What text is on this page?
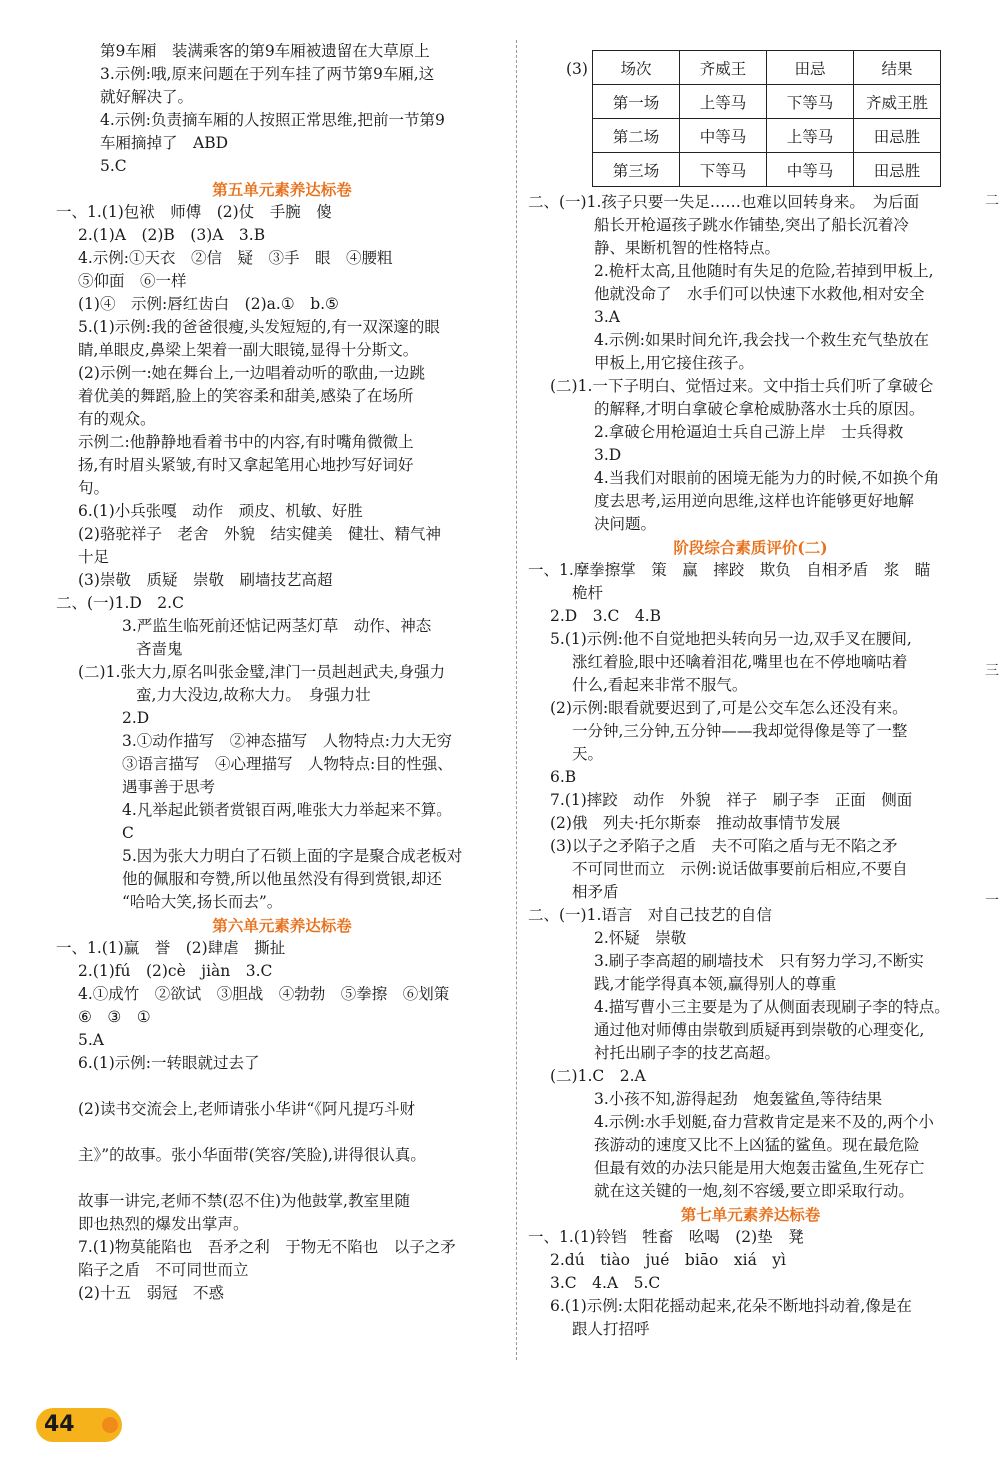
第9车厢　装满乘客的第9车厢被遗留在大草原上
3.示例:哦,原来问题在于列车挂了两节第9车厢,这
就好解决了。
4.示例:负责摘车厢的人按照正常思维,把前一节第9
车厢摘掉了　ABD
5.C
第五单元素养达标卷
一、1.(1)包袱　师傅　(2)仗　手腕　傻
2.(1)A　(2)B　(3)A　3.B
4.示例:①天衣　②信　疑　③手　眼　④腰粗
⑤仰面　⑥一样
(1)④　示例:唇红齿白　(2)a.①　b.⑤
5.(1)示例:我的爸爸很瘦,头发短短的,有一双深邃的眼
睛,单眼皮,鼻梁上架着一副大眼镜,显得十分斯文。
(2)示例一:她在舞台上,一边唱着动听的歌曲,一边跳
着优美的舞蹈,脸上的笑容柔和甜美,感染了在场所
有的观众。
示例二:他静静地看着书中的内容,有时嘴角微微上
扬,有时眉头紧皱,有时又拿起笔用心地抄写好词好
句。
6.(1)小兵张嘎　动作　顽皮、机敏、好胜
(2)骆驼祥子　老舍　外貌　结实健美　健壮、精气神
十足
(3)崇敬　质疑　崇敬　刷墙技艺高超
二、(一)1.D　2.C
3.严监生临死前还惦记两茎灯草　动作、神态
吝啬鬼
(二)1.张大力,原名叫张金璧,津门一员赳赳武夫,身强力
蛮,力大没边,故称大力。　身强力壮
2.D
3.①动作描写　②神态描写　人物特点:力大无穷
③语言描写　④心理描写　人物特点:目的性强、
遇事善于思考
4.凡举起此锁者赏银百两,唯张大力举起来不算。
C
5.因为张大力明白了石锁上面的字是聚合成老板对
他的佩服和夸赞,所以他虽然没有得到赏银,却还
“哈哈大笑,扬长而去”。
第六单元素养达标卷
一、1.(1)赢　誉　(2)肆虐　撕扯
2.(1)fú　(2)cè　jiàn　3.C
4.①成竹　②欲试　③胆战　④勃勃　⑤拳擦　⑥划策
⑥　③　①
5.A
6.(1)示例:一转眼就过去了
(2)读书交流会上,老师请张小华讲“《阿凡提巧斗财
主》”的故事。张小华面带(笑容/笑脸),讲得很认真。
故事一讲完,老师不禁(忍不住)为他鼓掌,教室里随
即也热烈的爆发出掌声。
7.(1)物莫能陷也　吾矛之利　于物无不陷也　以子之矛
陷子之盾　不可同世而立
(2)十五　弱冠　不惑
(3) 场次	齐威王	田忌	结果
第一场	上等马	下等马	齐威王胜
第二场	中等马	上等马	田忌胜
第三场	下等马	中等马	田忌胜
二、(一)1.孩子只要一失足……也难以回转身来。　为后面
船长开枪逼孩子跳水作铺垫,突出了船长沉着冷
静、果断机智的性格特点。
2.桅杆太高,且他随时有失足的危险,若掉到甲板上,
他就没命了　水手们可以快速下水救他,相对安全
3.A
4.示例:如果时间允许,我会找一个救生充气垫放在
甲板上,用它接住孩子。
(二)1.一下子明白、觉悟过来。文中指士兵们听了拿破仑
的解释,才明白拿破仑拿枪威胁落水士兵的原因。
2.拿破仑用枪逼迫士兵自己游上岸　士兵得救
3.D
4.当我们对眼前的困境无能为力的时候,不如换个角
度去思考,运用逆向思维,这样也许能够更好地解
决问题。
阶段综合素质评价(二)
一、1.摩拳擦掌　策　赢　摔跤　欺负　自相矛盾　浆　瞄
桅杆
2.D　3.C　4.B
5.(1)示例:他不自觉地把头转向另一边,双手叉在腰间,
涨红着脸,眼中还噙着泪花,嘴里也在不停地嘀咕着
什么,看起来非常不服气。
(2)示例:眼看就要迟到了,可是公交车怎么还没有来。
一分钟,三分钟,五分钟——我却觉得像是等了一整
天。
6.B
7.(1)摔跤　动作　外貌　祥子　刷子李　正面　侧面
(2)俄　列夫·托尔斯泰　推动故事情节发展
(3)以子之矛陷子之盾　夫不可陷之盾与无不陷之矛
不可同世而立　示例:说话做事要前后相应,不要自
相矛盾
二、(一)1.语言　对自己技艺的自信
2.怀疑　崇敬
3.刷子李高超的刷墙技术　只有努力学习,不断实
践,才能学得真本领,赢得别人的尊重
4.描写曹小三主要是为了从侧面表现刷子李的特点。
通过他对师傅由崇敬到质疑再到崇敬的心理变化,
衬托出刷子李的技艺高超。
(二)1.C　2.A
3.小孩不知,游得起劲　炮轰鲨鱼,等待结果
4.示例:水手划艇,奋力营救肯定是来不及的,两个小
孩游动的速度又比不上凶猛的鲨鱼。现在最危险
但最有效的办法只能是用大炮轰击鲨鱼,生死存亡
就在这关键的一炮,刻不容缓,要立即采取行动。
第七单元素养达标卷
一、1.(1)铃铛　牲畜　吆喝　(2)垫　凳
2.dú　tiào　jué　biāo　xiá　yì
3.C　4.A　5.C
6.(1)示例:太阳花摇动起来,花朵不断地抖动着,像是在
跟人打招呼
二
三
一
44
